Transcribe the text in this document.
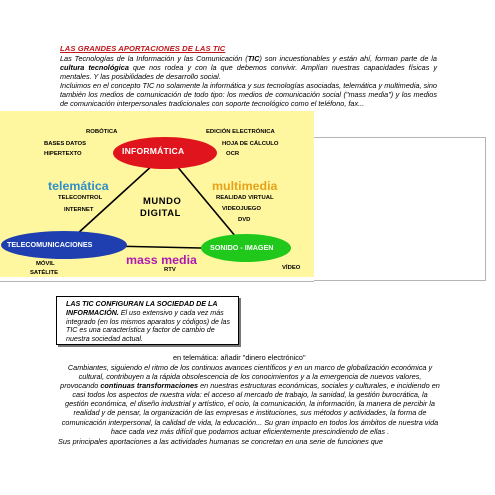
LAS GRANDES APORTACIONES DE LAS TIC
Las Tecnologías de la Información y las Comunicación (TIC) son incuestionables y están ahí, forman parte de la cultura tecnológica que nos rodea y con la que debemos convivir. Amplían nuestras capacidades físicas y mentales. Y las posibilidades de desarrollo social.
Incluimos en el concepto TIC no solamente la informática y sus tecnologías asociadas, telemática y multimedia, sino también los medios de comunicación de todo tipo: los medios de comunicación social ("mass media") y los medios de comunicación interpersonales tradicionales con soporte tecnológico como el teléfono, fax...
INFORMÁTICA
TELECOMUNICACIONES	SONIDO - IMAGEN
MUNDO
DIGITAL
telemática	multimedia
mass media
ROBÓTICA
BASES DATOS
HIPERTEXTO
EDICIÓN ELECTRÓNICA
HOJA DE CÁLCULO
OCR
TELECONTROL
INTERNET
REALIDAD VIRTUAL
VIDEOJUEGO
DVD
MÓVIL
SATÉLITE	RTV	VÍDEO
LAS TIC CONFIGURAN LA SOCIEDAD DE LA INFORMACIÓN. El uso extensivo y cada vez más integrado (en los mismos aparatos y códigos) de las TIC es una característica y factor de cambio de nuestra sociedad actual.
en telemática: añadir "dinero electrónico"
Cambiantes, siguiendo el ritmo de los continuos avances científicos y en un marco de globalización económica y cultural, contribuyen a la rápida obsolescencia de los conocimientos y a la emergencia de nuevos valores, provocando continuas transformaciones en nuestras estructuras económicas, sociales y culturales, e incidiendo en casi todos los aspectos de nuestra vida: el acceso al mercado de trabajo, la sanidad, la gestión burocrática, la gestión económica, el diseño industrial y artístico, el ocio, la comunicación, la información, la manera de percibir la realidad y de pensar, la organización de las empresas e instituciones, sus métodos y actividades, la forma de comunicación interpersonal, la calidad de vida, la educación... Su gran impacto en todos los ámbitos de nuestra vida hace cada vez más difícil que podamos actuar eficientemente prescindiendo de ellas .
Sus principales aportaciones a las actividades humanas se concretan en una serie de funciones que
